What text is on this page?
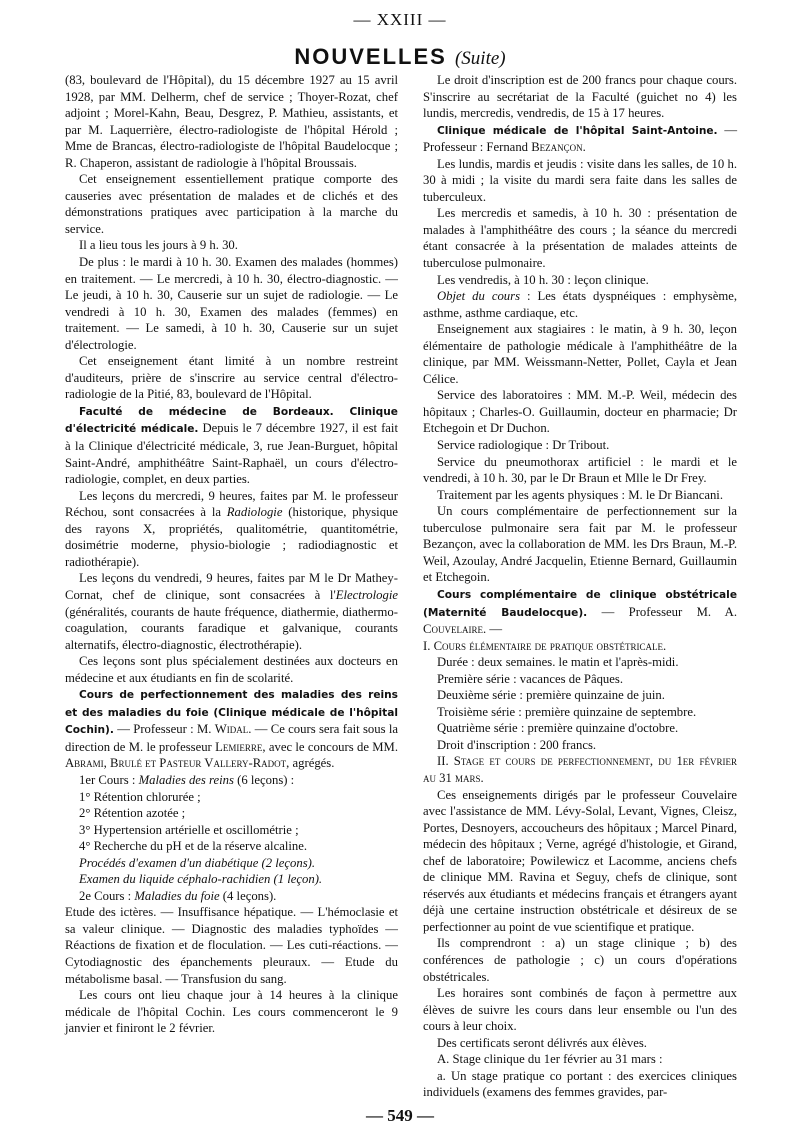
— XXIII —
NOUVELLES (Suite)

(83, boulevard de l'Hôpital), du 15 décembre 1927 au 15 avril 1928, par MM. Delherm, chef de service ; Thoyer-Rozat, chef adjoint ; Morel-Kahn, Beau, Desgrez, P. Mathieu, assistants, et par M. Laquerrière, électro-radiologiste de l'hôpital Hérold ; Mme de Brancas, électro-radiologiste de l'hôpital Baudelocque ; R. Chaperon, assistant de radiologie à l'hôpital Broussais.

Cet enseignement essentiellement pratique comporte des causeries avec présentation de malades et de clichés et des démonstrations pratiques avec participation à la marche du service.

Il a lieu tous les jours à 9 h. 30.

De plus : le mardi à 10 h. 30. Examen des malades (hommes) en traitement. — Le mercredi, à 10 h. 30, électro-diagnostic. — Le jeudi, à 10 h. 30, Causerie sur un sujet de radiologie. — Le vendredi à 10 h. 30, Examen des malades (femmes) en traitement. — Le samedi, à 10 h. 30, Causerie sur un sujet d'électrologie.

Cet enseignement étant limité à un nombre restreint d'auditeurs, prière de s'inscrire au service central d'électro-radiologie de la Pitié, 83, boulevard de l'Hôpital.

Faculté de médecine de Bordeaux. Clinique d'électricité médicale. Depuis le 7 décembre 1927, il est fait à la Clinique d'électricité médicale, 3, rue Jean-Burguet, hôpital Saint-André, amphithéâtre Saint-Raphaël, un cours d'électro-radiologie, complet, en deux parties.

Les leçons du mercredi, 9 heures, faites par M. le professeur Réchou, sont consacrées à la Radiologie (historique, physique des rayons X, propriétés, qualitométrie, quantitométrie, dosimétrie moderne, physio-biologie ; radiodiagnostic et radiothérapie).

Les leçons du vendredi, 9 heures, faites par M le Dr Mathey-Cornat, chef de clinique, sont consacrées à l'Electrologie (généralités, courants de haute fréquence, diathermie, diathermo-coagulation, courants faradique et galvanique, courants alternatifs, électro-diagnostic, électrothérapie).

Ces leçons sont plus spécialement destinées aux docteurs en médecine et aux étudiants en fin de scolarité.

Cours de perfectionnement des maladies des reins et des maladies du foie (Clinique médicale de l'hôpital Cochin). — Professeur : M. Widal. — Ce cours sera fait sous la direction de M. le professeur Lemierre, avec le concours de MM. Abrami, Brulé et Pasteur Vallery-Radot, agrégés.

1er Cours : Maladies des reins (6 leçons) :

1° Rétention chlorurée ;

2° Rétention azotée ;

3° Hypertension artérielle et oscillométrie ;

4° Recherche du pH et de la réserve alcaline.

Procédés d'examen d'un diabétique (2 leçons).

Examen du liquide céphalo-rachidien (1 leçon).

2e Cours : Maladies du foie (4 leçons).

Etude des ictères. — Insuffisance hépatique. — L'hémoclasie et sa valeur clinique. — Diagnostic des maladies typhoïdes — Réactions de fixation et de floculation. — Les cuti-réactions. — Cytodiagnostic des épanchements pleuraux. — Etude du métabolisme basal. — Transfusion du sang.

Les cours ont lieu chaque jour à 14 heures à la clinique médicale de l'hôpital Cochin. Les cours commenceront le 9 janvier et finiront le 2 février.

Le droit d'inscription est de 200 francs pour chaque cours. S'inscrire au secrétariat de la Faculté (guichet no 4) les lundis, mercredis, vendredis, de 15 à 17 heures.

Clinique médicale de l'hôpital Saint-Antoine. — Professeur : Fernand Bezançon.

Les lundis, mardis et jeudis : visite dans les salles, de 10 h. 30 à midi ; la visite du mardi sera faite dans les salles de tuberculeux.

Les mercredis et samedis, à 10 h. 30 : présentation de malades à l'amphithéâtre des cours ; la séance du mercredi étant consacrée à la présentation de malades atteints de tuberculose pulmonaire.

Les vendredis, à 10 h. 30 : leçon clinique.

Objet du cours : Les états dyspnéiques : emphysème, asthme, asthme cardiaque, etc.

Enseignement aux stagiaires : le matin, à 9 h. 30, leçon élémentaire de pathologie médicale à l'amphithéâtre de la clinique, par MM. Weissmann-Netter, Pollet, Cayla et Jean Célice.

Service des laboratoires : MM. M.-P. Weil, médecin des hôpitaux ; Charles-O. Guillaumin, docteur en pharmacie; Dr Etchegoin et Dr Duchon.

Service radiologique : Dr Tribout.

Service du pneumothorax artificiel : le mardi et le vendredi, à 10 h. 30, par le Dr Braun et Mlle le Dr Frey.

Traitement par les agents physiques : M. le Dr Biancani.

Un cours complémentaire de perfectionnement sur la tuberculose pulmonaire sera fait par M. le professeur Bezançon, avec la collaboration de MM. les Drs Braun, M.-P. Weil, Azoulay, André Jacquelin, Etienne Bernard, Guillaumin et Etchegoin.

Cours complémentaire de clinique obstétricale (Maternité Baudelocque). — Professeur M. A. Couvelaire. —

I. Cours élémentaire de pratique obstétricale.

Durée : deux semaines. le matin et l'après-midi.

Première série : vacances de Pâques.

Deuxième série : première quinzaine de juin.

Troisième série : première quinzaine de septembre.

Quatrième série : première quinzaine d'octobre.

Droit d'inscription : 200 francs.

II. Stage et cours de perfectionnement, du 1er février au 31 mars.

Ces enseignements dirigés par le professeur Couvelaire avec l'assistance de MM. Lévy-Solal, Levant, Vignes, Cleisz, Portes, Desnoyers, accoucheurs des hôpitaux ; Marcel Pinard, médecin des hôpitaux ; Verne, agrégé d'histologie, et Girand, chef de laboratoire; Powilewicz et Lacomme, anciens chefs de clinique MM. Ravina et Seguy, chefs de clinique, sont réservés aux étudiants et médecins français et étrangers ayant déjà une certaine instruction obstétricale et désireux de se perfectionner au point de vue scientifique et pratique.

Ils comprendront : a) un stage clinique ; b) des conférences de pathologie ; c) un cours d'opérations obstétricales.

Les horaires sont combinés de façon à permettre aux élèves de suivre les cours dans leur ensemble ou l'un des cours à leur choix.

Des certificats seront délivrés aux élèves.

A. Stage clinique du 1er février au 31 mars :

a. Un stage pratique co portant : des exercices cliniques individuels (examens des femmes gravides, par-

— 549 —
